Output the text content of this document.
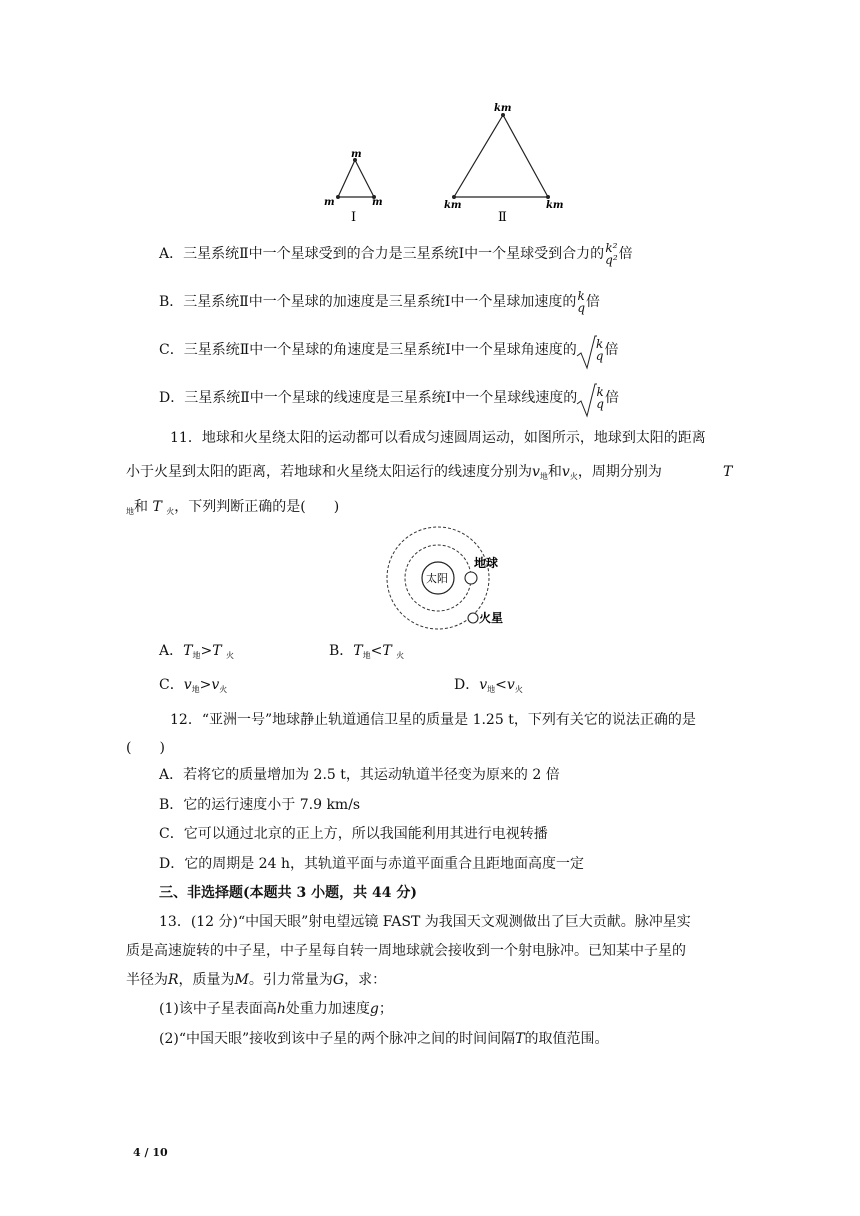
m
m	m
Ⅰ
km
km	km
Ⅱ
A．三星系统Ⅱ中一个星球受到的合力是三星系统Ⅰ中一个星球受到合力的 k²
q² 倍
B．三星系统Ⅱ中一个星球的加速度是三星系统Ⅰ中一个星球加速度的 k
q 倍
C．三星系统Ⅱ中一个星球的角速度是三星系统Ⅰ中一个星球角速度的 k
q 倍
D．三星系统Ⅱ中一个星球的线速度是三星系统Ⅰ中一个星球线速度的 k
q 倍
11．地球和火星绕太阳的运动都可以看成匀速圆周运动，如图所示，地球到太阳的距离
小于火星到太阳的距离，若地球和火星绕太阳运行的线速度分别为$v_地$和$v_火$，周期分别为	T
$_地$和 T $_火$，下列判断正确的是(　　)
太阳
地球
火星
A．$T_地>T$ $_火$	B．$T_地<T$ $_火$
C．$v_地>v_火$	D．$v_地<v_火$
12．“亚洲一号”地球静止轨道通信卫星的质量是 1.25 t，下列有关它的说法正确的是
(　　)
A．若将它的质量增加为 2.5 t，其运动轨道半径变为原来的 2 倍
B．它的运行速度小于 7.9 km/s
C．它可以通过北京的正上方，所以我国能利用其进行电视转播
D．它的周期是 24 h，其轨道平面与赤道平面重合且距地面高度一定
三、非选择题(本题共 3 小题，共 44 分)
13．(12 分)“中国天眼”射电望远镜 FAST 为我国天文观测做出了巨大贡献。脉冲星实
质是高速旋转的中子星，中子星每自转一周地球就会接收到一个射电脉冲。已知某中子星的
半径为R，质量为M。引力常量为G，求：
(1)该中子星表面高h处重力加速度g；
(2)“中国天眼”接收到该中子星的两个脉冲之间的时间间隔T的取值范围。
4 / 10
